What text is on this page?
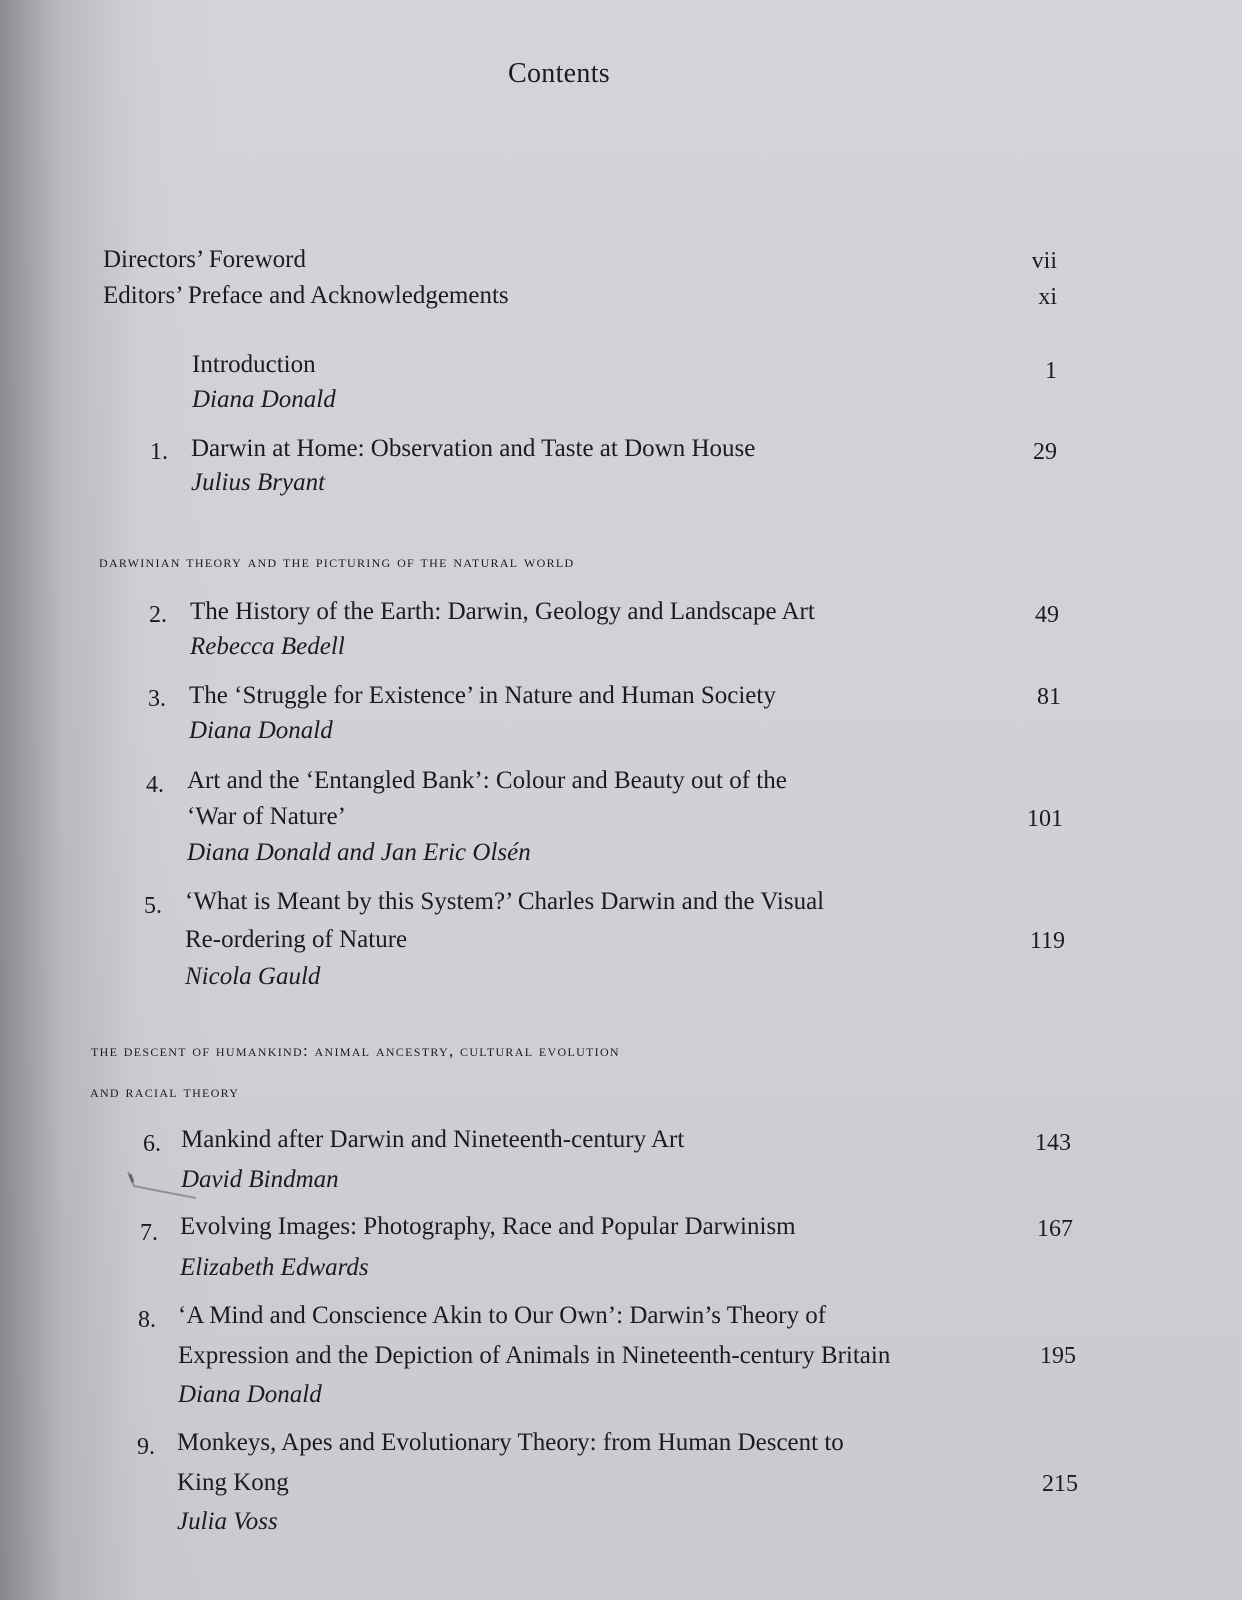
Contents
Directors’ Foreword	vii
Editors’ Preface and Acknowledgements	xi
Introduction
Diana Donald
1
1. Darwin at Home: Observation and Taste at Down House
Julius Bryant
29
darwinian theory and the picturing of the natural world
2. The History of the Earth: Darwin, Geology and Landscape Art
Rebecca Bedell
49
3. The ‘Struggle for Existence’ in Nature and Human Society
Diana Donald
81
4. Art and the ‘Entangled Bank’: Colour and Beauty out of the
‘War of Nature’
Diana Donald and Jan Eric Olsén
101
5. ‘What is Meant by this System?’ Charles Darwin and the Visual
Re-ordering of Nature
Nicola Gauld
119
the descent of humankind: animal ancestry, cultural evolution
and racial theory
6. Mankind after Darwin and Nineteenth-century Art
David Bindman
143
7. Evolving Images: Photography, Race and Popular Darwinism
Elizabeth Edwards
167
8. ‘A Mind and Conscience Akin to Our Own’: Darwin’s Theory of
Expression and the Depiction of Animals in Nineteenth-century Britain
Diana Donald
195
9. Monkeys, Apes and Evolutionary Theory: from Human Descent to
King Kong
Julia Voss
215
